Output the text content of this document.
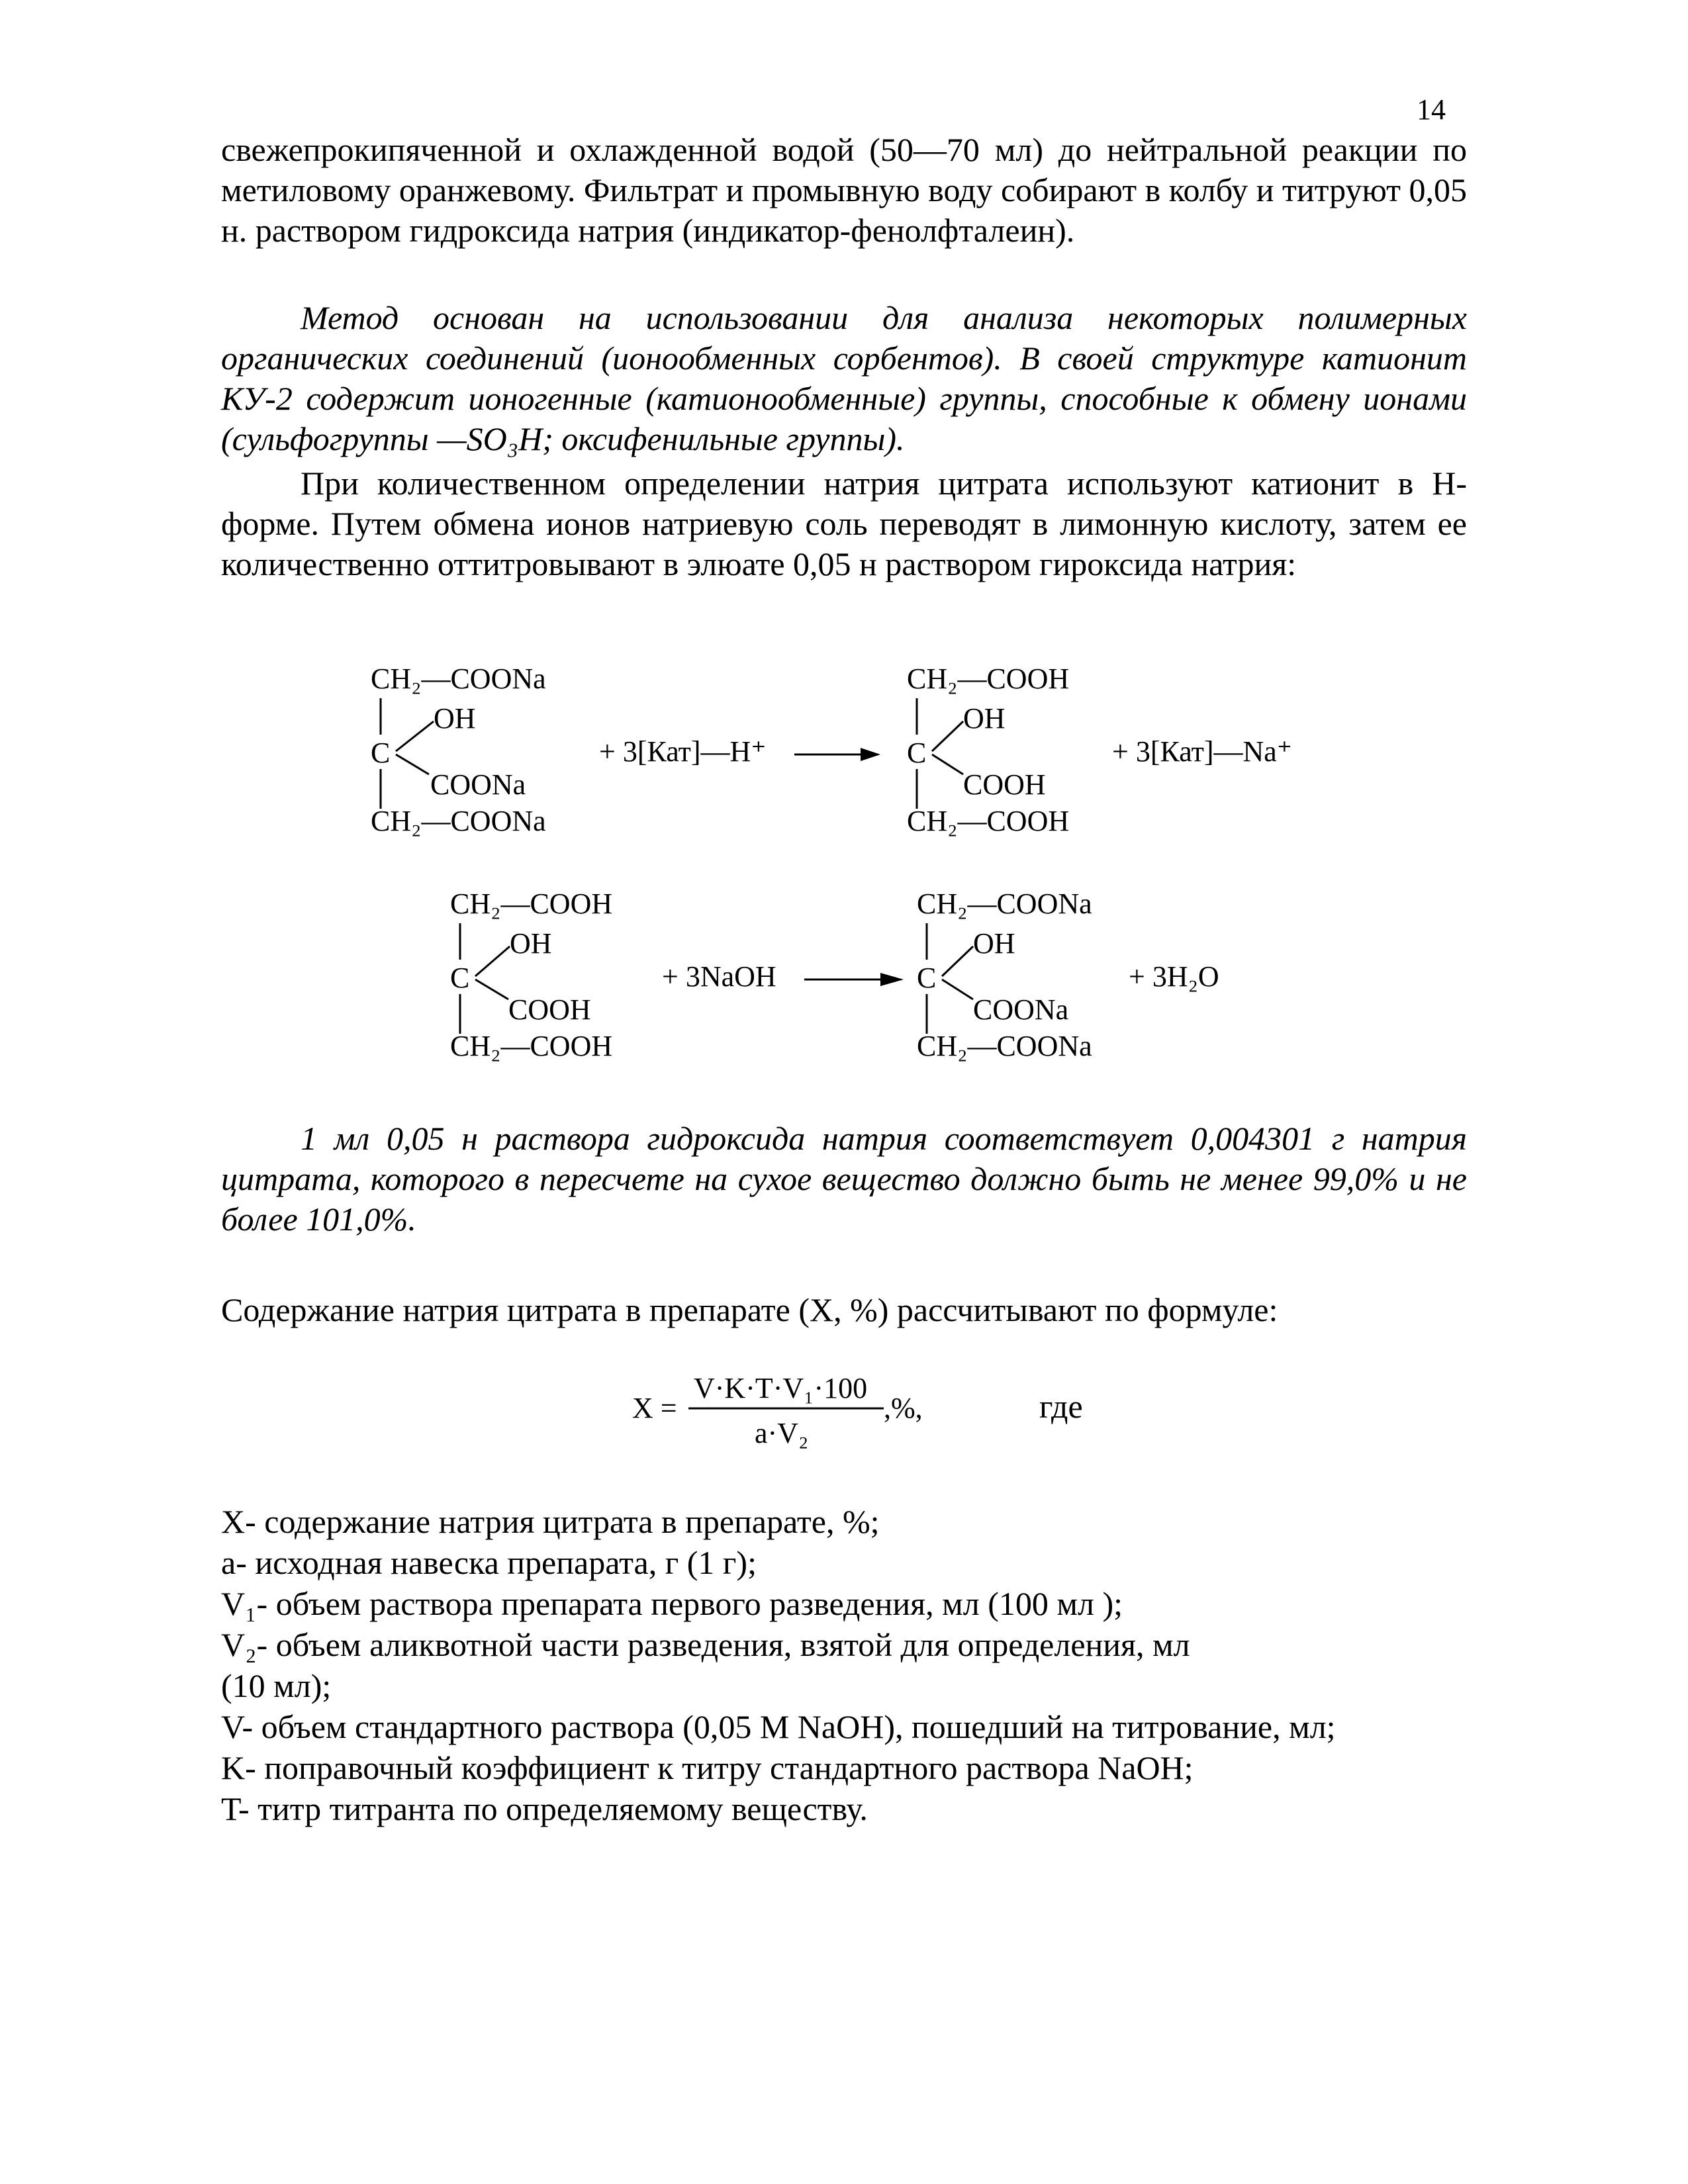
14

свежепрокипяченной и охлажденной водой (50—70 мл) до нейтральной реакции по метиловому оранжевому. Фильтрат и промывную воду собирают в колбу и титруют 0,05 н. раствором гидроксида натрия (индикатор-фенолфталеин).

Метод основан на использовании для анализа некоторых полимерных органических соединений (ионообменных сорбентов). В своей структуре катионит КУ-2 содержит ионогенные (катионообменные) группы, способные к обмену ионами (сульфогруппы —SO₃H; оксифенильные группы).

При количественном определении натрия цитрата используют катионит в Н-форме. Путем обмена ионов натриевую соль переводят в лимонную кислоту, затем ее количественно оттитровывают в элюате 0,05 н раствором гироксида натрия:

CH₂—COONa
OH
C
COONa
CH₂—COONa
+ 3[Кат]—H⁺
CH₂—COOH
OH
C
COOH
CH₂—COOH
+ 3[Кат]—Na⁺
CH₂—COOH
OH
C
COOH
CH₂—COOH
+ 3NaOH
CH₂—COONa
OH
C
COONa
CH₂—COONa
+ 3H₂O

1 мл 0,05 н раствора гидроксида натрия соответствует 0,004301 г натрия цитрата, которого в пересчете на сухое вещество должно быть не менее 99,0% и не более 101,0%.

Содержание натрия цитрата в препарате (X, %) рассчитывают по формуле:
X =
V·K·T·V₁·100
a·V₂
,%,	где
X- содержание натрия цитрата в препарате, %;
a- исходная навеска препарата, г (1 г);
V₁- объем раствора препарата первого разведения, мл (100 мл );
V₂- объем аликвотной части разведения, взятой для определения, мл
(10 мл);
V- объем стандартного раствора (0,05 М NaOH), пошедший на титрование, мл;
K- поправочный коэффициент к титру стандартного раствора NaOH;
T- титр титранта по определяемому веществу.
